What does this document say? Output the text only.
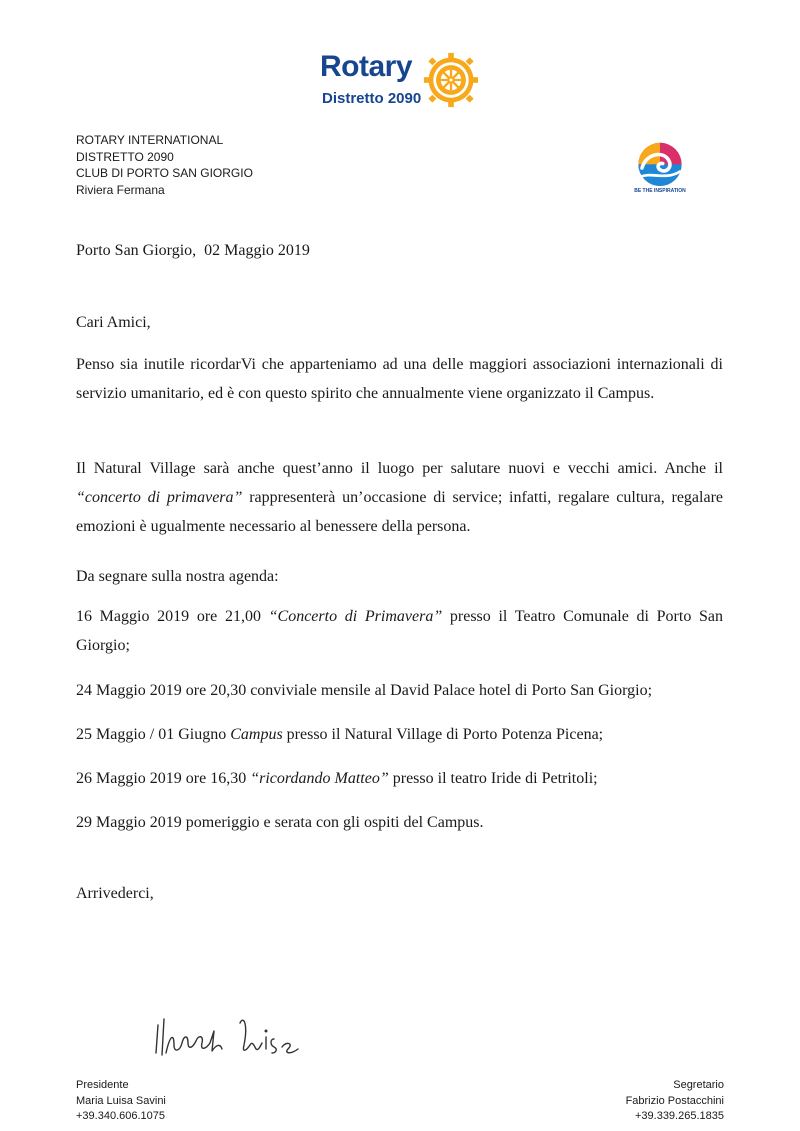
Rotary
Distretto 2090
BE THE INSPIRATION
ROTARY INTERNATIONAL
DISTRETTO 2090
CLUB DI PORTO SAN GIORGIO
Riviera Fermana
Porto San Giorgio,  02 Maggio 2019
Cari Amici,
Penso sia inutile ricordarVi che apparteniamo ad una delle maggiori associazioni internazionali di servizio umanitario, ed è con questo spirito che annualmente viene organizzato il Campus.
Il Natural Village sarà anche quest’anno il luogo per salutare nuovi e vecchi amici. Anche il “concerto di primavera” rappresenterà un’occasione di service; infatti, regalare cultura, regalare emozioni è ugualmente necessario al benessere della persona.
Da segnare sulla nostra agenda:
16 Maggio 2019 ore 21,00 “Concerto di Primavera” presso il Teatro Comunale di Porto San Giorgio;
24 Maggio 2019 ore 20,30 conviviale mensile al David Palace hotel di Porto San Giorgio;
25 Maggio / 01 Giugno Campus presso il Natural Village di Porto Potenza Picena;
26 Maggio 2019 ore 16,30 “ricordando Matteo” presso il teatro Iride di Petritoli;
29 Maggio 2019 pomeriggio e serata con gli ospiti del Campus.
Arrivederci,
Presidente
Maria Luisa Savini
+39.340.606.1075
Segretario
Fabrizio Postacchini
+39.339.265.1835
